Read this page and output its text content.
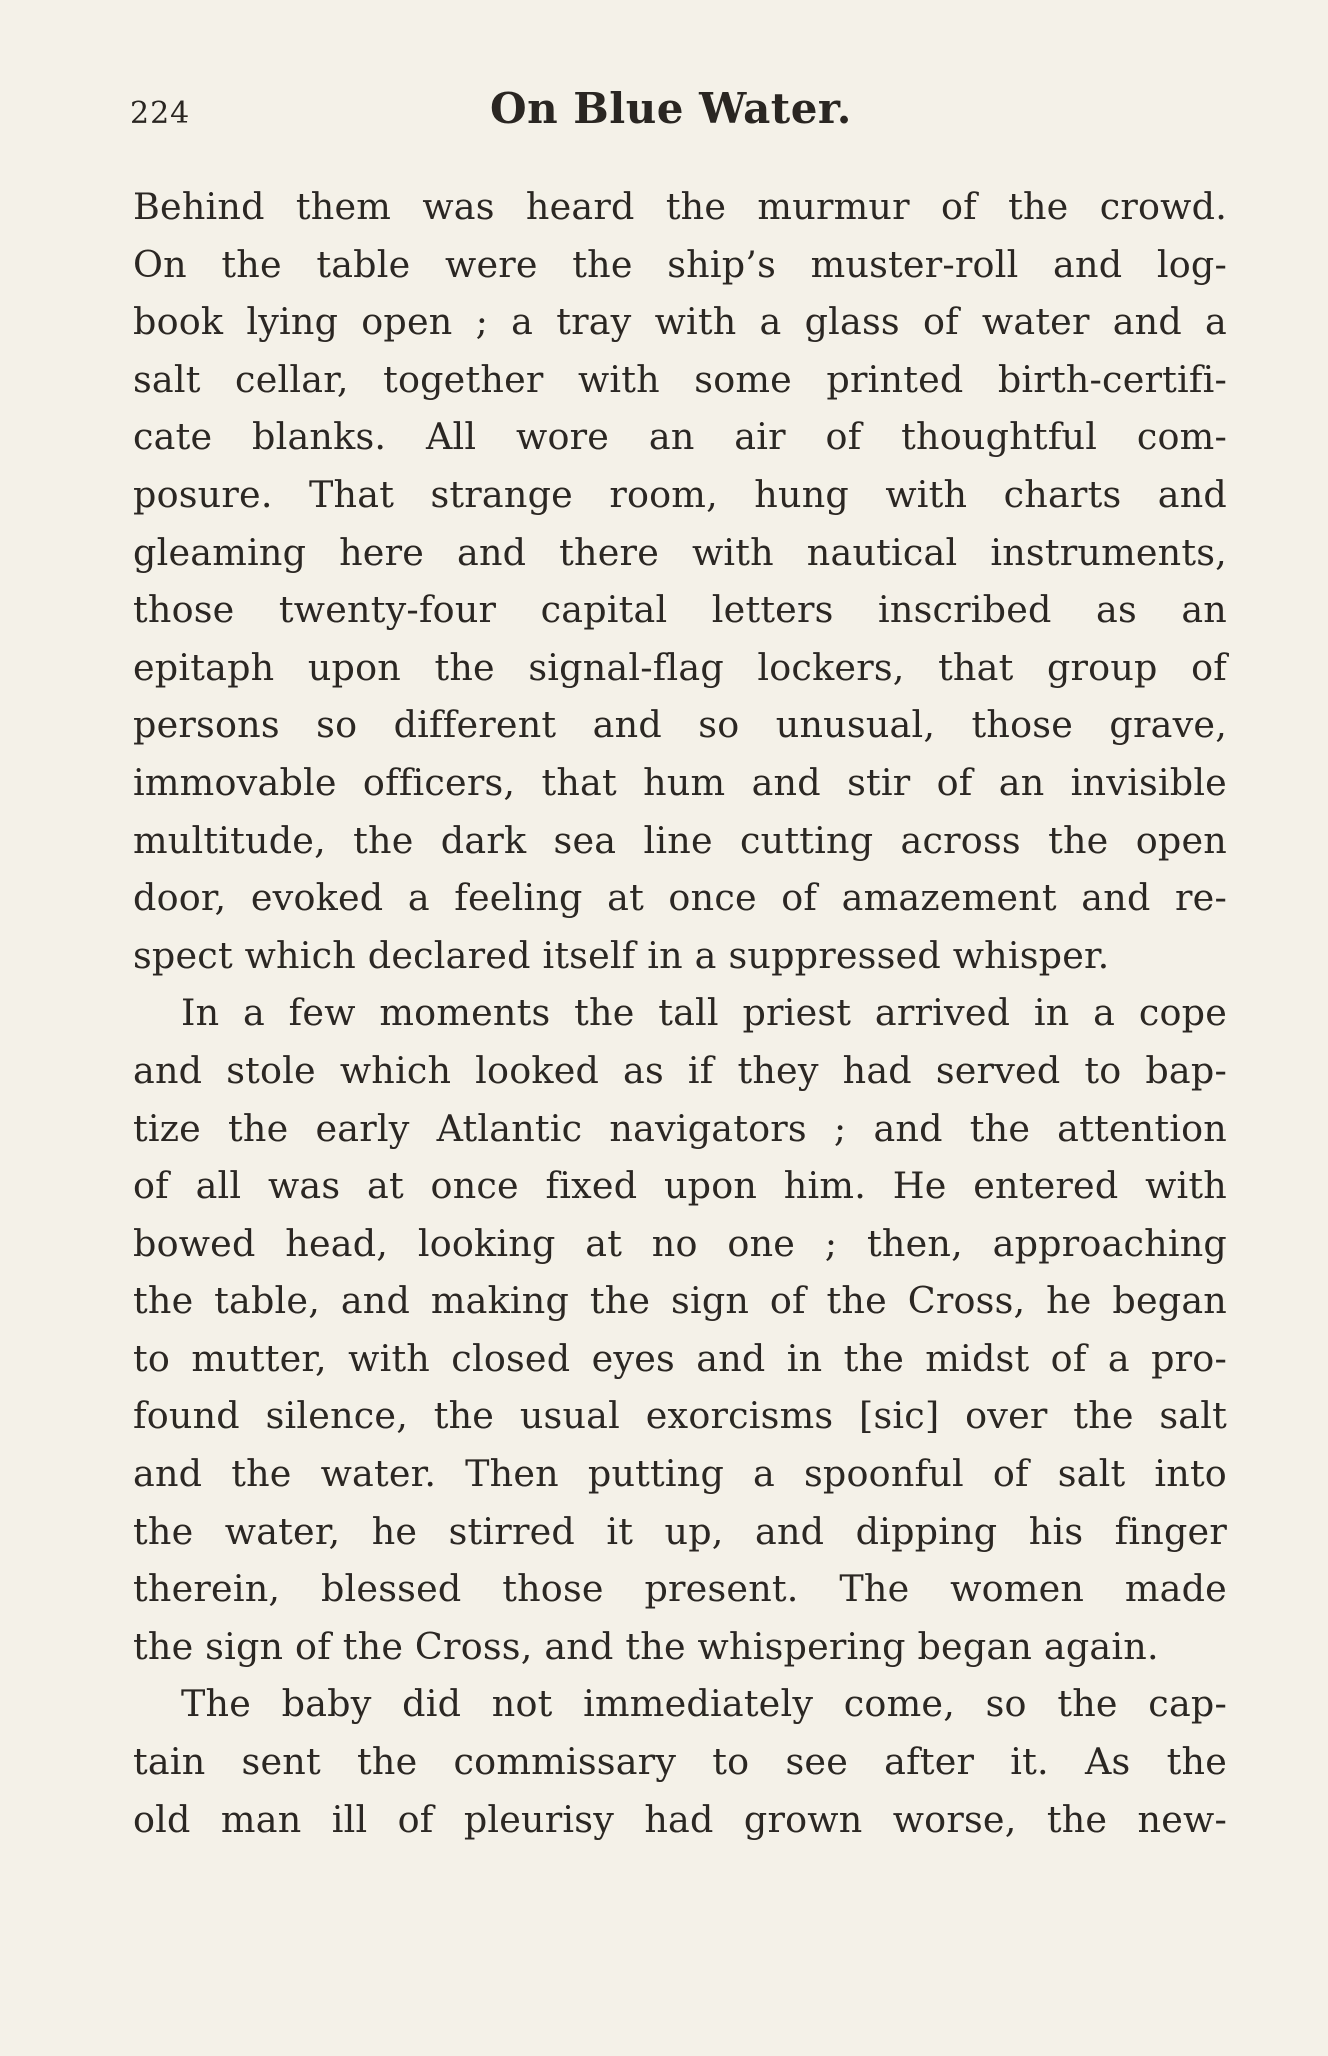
224	On Blue Water.
Behind them was heard the murmur of the crowd.
On the table were the ship’s muster-roll and log-
book lying open ; a tray with a glass of water and a
salt cellar, together with some printed birth-certifi-
cate blanks. All wore an air of thoughtful com-
posure. That strange room, hung with charts and
gleaming here and there with nautical instruments,
those twenty-four capital letters inscribed as an
epitaph upon the signal-flag lockers, that group of
persons so different and so unusual, those grave,
immovable officers, that hum and stir of an invisible
multitude, the dark sea line cutting across the open
door, evoked a feeling at once of amazement and re-
spect which declared itself in a suppressed whisper.
In a few moments the tall priest arrived in a cope
and stole which looked as if they had served to bap-
tize the early Atlantic navigators ; and the attention
of all was at once fixed upon him. He entered with
bowed head, looking at no one ; then, approaching
the table, and making the sign of the Cross, he began
to mutter, with closed eyes and in the midst of a pro-
found silence, the usual exorcisms [sic] over the salt
and the water. Then putting a spoonful of salt into
the water, he stirred it up, and dipping his finger
therein, blessed those present. The women made
the sign of the Cross, and the whispering began again.
The baby did not immediately come, so the cap-
tain sent the commissary to see after it. As the
old man ill of pleurisy had grown worse, the new-
